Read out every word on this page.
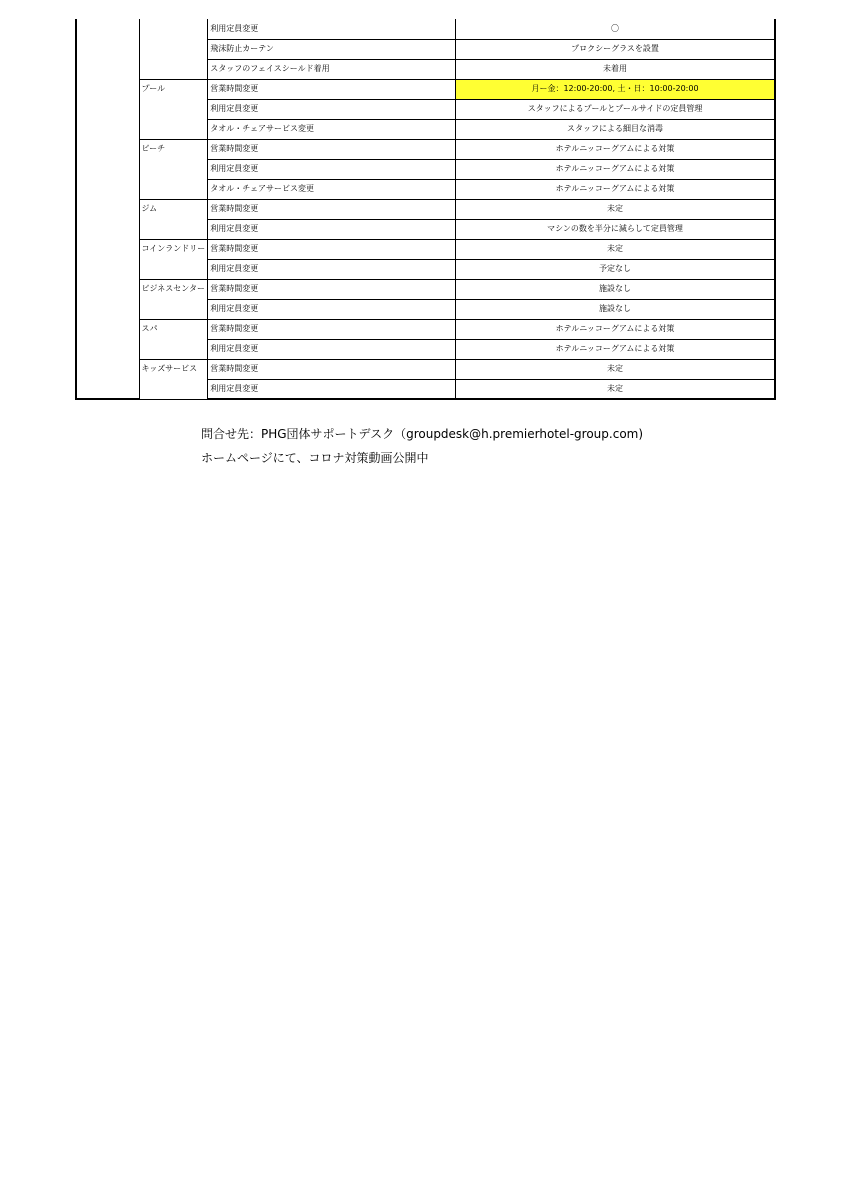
		利用定員変更	〇
		飛沫防止カーテン	プロクシーグラスを設置
		スタッフのフェイスシールド着用	未着用
	プール	営業時間変更	月ー金：12:00-20:00, 土・日：10:00-20:00
		利用定員変更	スタッフによるプールとプールサイドの定員管理
		タオル・チェアサービス変更	スタッフによる細目な消毒
	ビーチ	営業時間変更	ホテルニッコーグアムによる対策
		利用定員変更	ホテルニッコーグアムによる対策
		タオル・チェアサービス変更	ホテルニッコーグアムによる対策
	ジム	営業時間変更	未定
		利用定員変更	マシンの数を半分に減らして定員管理
	コインランドリー	営業時間変更	未定
		利用定員変更	予定なし
	ビジネスセンター	営業時間変更	施設なし
		利用定員変更	施設なし
	スパ	営業時間変更	ホテルニッコーグアムによる対策
		利用定員変更	ホテルニッコーグアムによる対策
	キッズサービス	営業時間変更	未定
		利用定員変更	未定
問合せ先：PHG団体サポートデスク（groupdesk@h.premierhotel-group.com)
ホームページにて、コロナ対策動画公開中
